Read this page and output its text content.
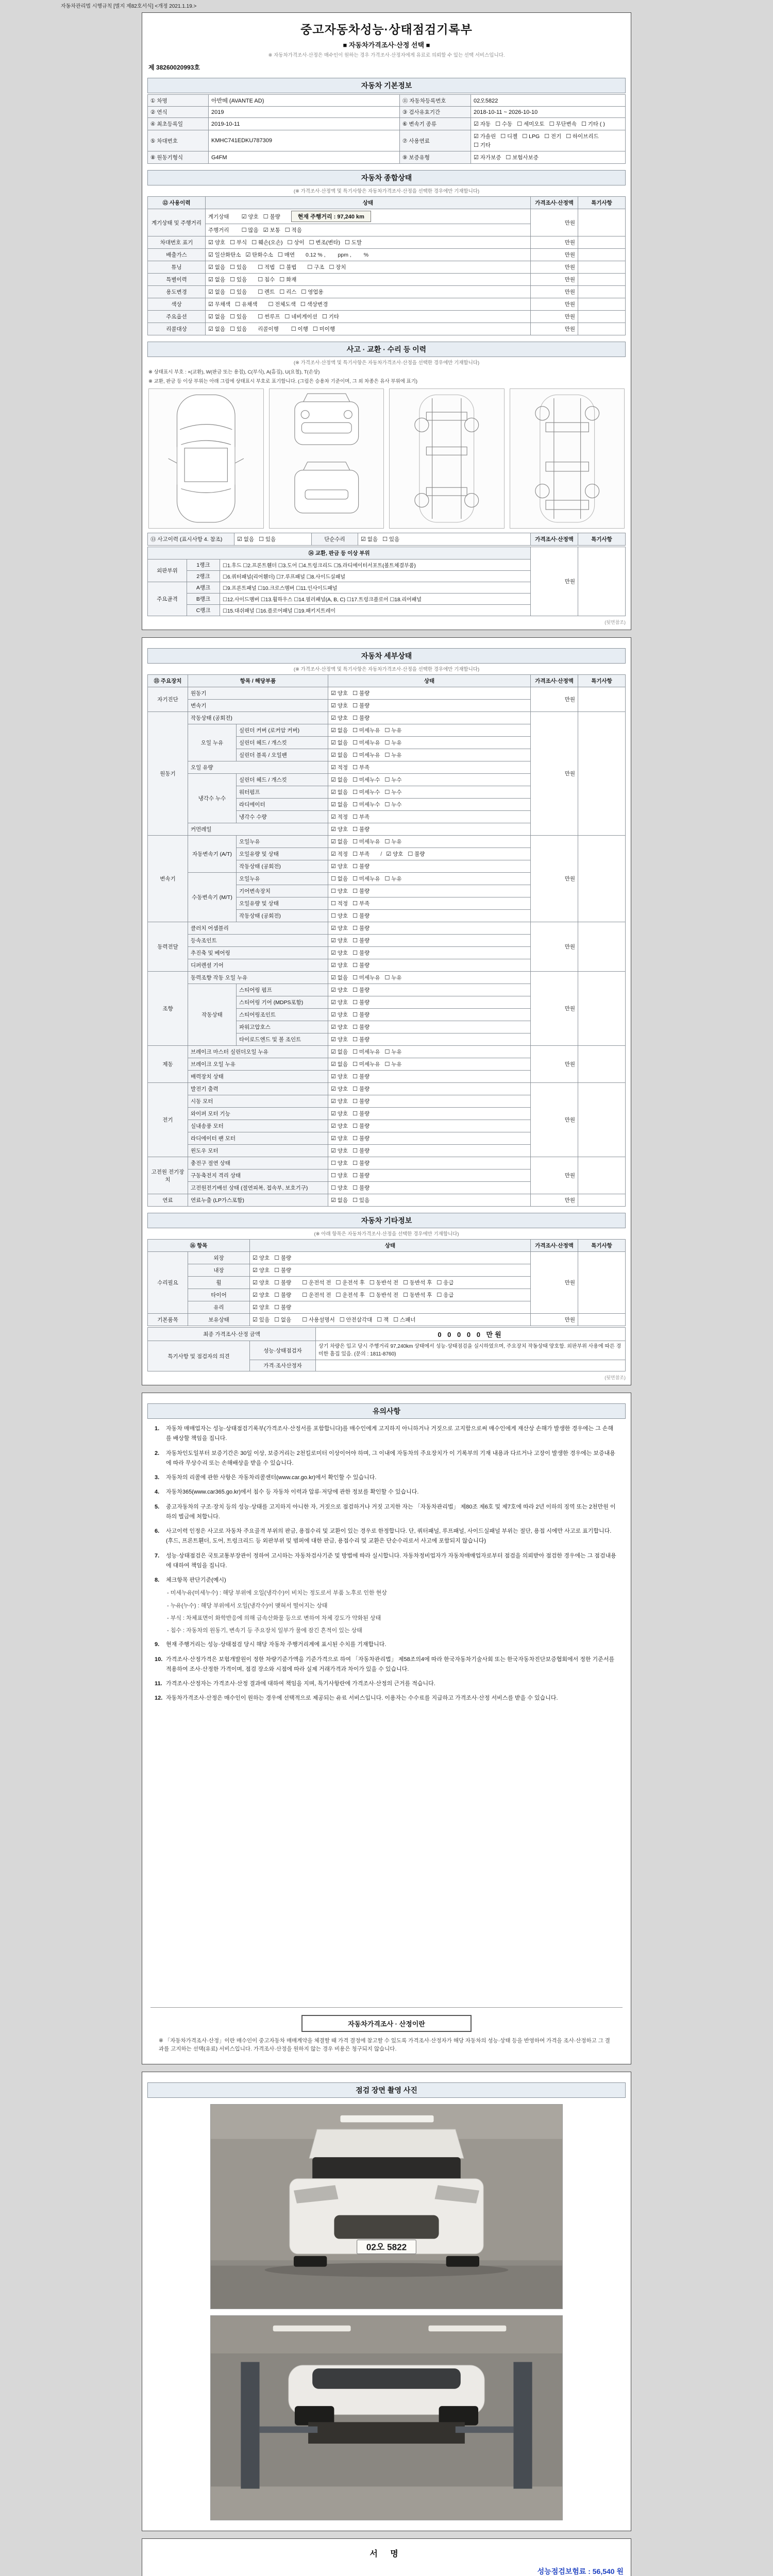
자동차관리법 시행규칙 [별지 제82호서식] <개정 2021.1.19.>
중고자동차성능·상태점검기록부
■ 자동차가격조사·산정 선택 ■
※ 자동차가격조사·산정은 매수인이 원하는 경우 가격조사·산정자에게 유료로 의뢰할 수 있는 선택 서비스입니다.
제 38260020993호
자동차 기본정보
① 차명	아반떼 (AVANTE AD)	⑪ 자동차등록번호	02오5822
② 연식	2019	③ 검사유효기간	2018-10-11 ~ 2026-10-10
④ 최초등록일	2019-10-11	⑥ 변속기 종류	☑ 자동 ☐ 수동 ☐ 세미오토 ☐ 무단변속 ☐ 기타 ( )
⑤ 차대번호	KMHC741EDKU787309	⑦ 사용연료	☑ 가솔린 ☐ 디젤 ☐ LPG ☐ 전기 ☐ 하이브리드☐ 기타
⑧ 원동기형식	G4FM	⑨ 보증유형	☑ 자가보증 ☐ 보험사보증
자동차 종합상태
(※ 가격조사·산정액 및 특기사항은 자동차가격조사·산정을 선택한 경우에만 기재합니다)
⑫ 사용이력	상태	가격조사·산정액	특기사항
계기상태 및 주행거리	계기상태 ☑ 양호 ☐ 불량 현재 주행거리 : 97,240 km	만원	
	주행거리 ☐ 많음 ☑ 보통 ☐ 적음		
차대번호 표기	☑ 양호 ☐ 부식 ☐ 훼손(오손) ☐ 상이 ☐ 변조(변타) ☐ 도말	만원	
배출가스	☑ 일산화탄소 ☑ 탄화수소 ☐ 매연 0.12 % , ppm , %	만원	
튜닝	☑ 없음 ☐ 있음 ☐ 적법 ☐ 불법 ☐ 구조 ☐ 장치	만원	
특별이력	☑ 없음 ☐ 있음 ☐ 침수 ☐ 화재	만원	
용도변경	☑ 없음 ☐ 있음 ☐ 렌트 ☐ 리스 ☐ 영업용	만원	
색상	☑ 무채색 ☐ 유채색 ☐ 전체도색 ☐ 색상변경	만원	
주요옵션	☑ 없음 ☐ 있음 ☐ 썬루프 ☐ 네비게이션 ☐ 기타	만원	
리콜대상	☑ 없음 ☐ 있음 리콜이행 ☐ 이행 ☐ 미이행	만원	
사고 · 교환 · 수리 등 이력
(※ 가격조사·산정액 및 특기사항은 자동차가격조사·산정을 선택한 경우에만 기재합니다)
※ 상태표시 부호 : ×(교환), W(판금 또는 용접), C(부식), A(흠집), U(요철), T(손상)
※ 교환, 판금 등 이상 부위는 아래 그림에 상태표시 부호로 표기합니다. (그림은 승용차 기준이며, 그 외 차종은 유사 부위에 표기)
⑬ 사고이력 (표시사항 4. 참조)	☑ 없음 ☐ 있음	단순수리	☑ 없음 ☐ 있음	가격조사·산정액	특기사항
⑭ 교환, 판금 등 이상 부위			만원	
외판부위	1랭크	☐1.후드 ☐2.프론트휀더 ☐3.도어 ☐4.트렁크리드 ☐5.라디에이터서포트(볼트체결부품)		
	2랭크	☐6.쿼터패널(리어휀더) ☐7.루프패널 ☐8.사이드실패널		
주요골격	A랭크	☐9.프론트패널 ☐10.크로스멤버 ☐11.인사이드패널		
	B랭크	☐12.사이드멤버 ☐13.휠하우스 ☐14.필러패널(A, B, C) ☐17.트렁크플로어 ☐18.리어패널		
	C랭크	☐15.대쉬패널 ☐16.플로어패널 ☐19.패키지트레이		
(뒷면참조)
자동차 세부상태
(※ 가격조사·산정액 및 특기사항은 자동차가격조사·산정을 선택한 경우에만 기재합니다)
⑮ 주요장치	항목 / 해당부품		상태	가격조사·산정액	특기사항
자기진단	원동기		☑ 양호 ☐ 불량	만원	
	변속기		☑ 양호 ☐ 불량		
원동기	작동상태 (공회전)		☑ 양호 ☐ 불량	만원	
	오일 누유	실린더 커버 (로커암 커버)	☑ 없음 ☐ 미세누유 ☐ 누유		
		실린더 헤드 / 개스킷	☑ 없음 ☐ 미세누유 ☐ 누유		
		실린더 블록 / 오일팬	☑ 없음 ☐ 미세누유 ☐ 누유		
	오일 유량		☑ 적정 ☐ 부족		
	냉각수 누수	실린더 헤드 / 개스킷	☑ 없음 ☐ 미세누수 ☐ 누수		
		워터펌프	☑ 없음 ☐ 미세누수 ☐ 누수		
		라디에이터	☑ 없음 ☐ 미세누수 ☐ 누수		
		냉각수 수량	☑ 적정 ☐ 부족		
	커먼레일		☑ 양호 ☐ 불량		
변속기	자동변속기 (A/T)	오일누유	☑ 없음 ☐ 미세누유 ☐ 누유	만원	
		오일유량 및 상태	☑ 적정 ☐ 부족 / ☑ 양호 ☐ 불량		
		작동상태 (공회전)	☑ 양호 ☐ 불량		
	수동변속기 (M/T)	오일누유	☐ 없음 ☐ 미세누유 ☐ 누유		
		기어변속장치	☐ 양호 ☐ 불량		
		오일유량 및 상태	☐ 적정 ☐ 부족		
		작동상태 (공회전)	☐ 양호 ☐ 불량		
동력전달	클러치 어셈블리		☑ 양호 ☐ 불량	만원	
	등속조인트		☑ 양호 ☐ 불량		
	추진축 및 베어링		☑ 양호 ☐ 불량		
	디퍼렌셜 기어		☑ 양호 ☐ 불량		
조향	동력조향 작동 오일 누유		☑ 없음 ☐ 미세누유 ☐ 누유	만원	
	작동상태	스티어링 펌프	☑ 양호 ☐ 불량		
		스티어링 기어 (MDPS포함)	☑ 양호 ☐ 불량		
		스티어링조인트	☑ 양호 ☐ 불량		
		파워고압호스	☑ 양호 ☐ 불량		
		타이로드엔드 및 볼 조인트	☑ 양호 ☐ 불량		
제동	브레이크 마스터 실린더오일 누유		☑ 없음 ☐ 미세누유 ☐ 누유	만원	
	브레이크 오일 누유		☑ 없음 ☐ 미세누유 ☐ 누유		
	배력장치 상태		☑ 양호 ☐ 불량		
전기	발전기 출력		☑ 양호 ☐ 불량	만원	
	시동 모터		☑ 양호 ☐ 불량		
	와이퍼 모터 기능		☑ 양호 ☐ 불량		
	실내송풍 모터		☑ 양호 ☐ 불량		
	라디에이터 팬 모터		☑ 양호 ☐ 불량		
	윈도우 모터		☑ 양호 ☐ 불량		
고전원 전기장치	충전구 절연 상태		☐ 양호 ☐ 불량	만원	
	구동축전지 격리 상태		☐ 양호 ☐ 불량		
	고전원전기배선 상태 (절연피복, 접속부, 보호기구)		☐ 양호 ☐ 불량		
연료	연료누출 (LP가스포함)		☑ 없음 ☐ 있음	만원	
자동차 기타정보
(※ 아래 항목은 자동차가격조사·산정을 선택한 경우에만 기재합니다)
⑯ 항목		상태	가격조사·산정액	특기사항
수리필요	외장	☑ 양호 ☐ 불량	만원	
	내장	☑ 양호 ☐ 불량		
	휠	☑ 양호 ☐ 불량 ☐ 운전석 전 ☐ 운전석 후 ☐ 동반석 전 ☐ 동반석 후 ☐ 응급		
	타이어	☑ 양호 ☐ 불량 ☐ 운전석 전 ☐ 운전석 후 ☐ 동반석 전 ☐ 동반석 후 ☐ 응급		
	유리	☑ 양호 ☐ 불량		
기본품목	보유상태	☑ 있음 ☐ 없음 ☐ 사용설명서 ☐ 안전삼각대 ☐ 잭 ☐ 스패너	만원	
최종 가격조사·산정 금액		0 0 0 0 0 만원
특기사항 및 점검자의 의견	성능·상태점검자	상기 차량은 입고 당시 주행거리 97,240km 상태에서 성능·상태점검을 실시하였으며, 주요장치 작동상태 양호함. 외판부위 사용에 따른 경미한 흠집 있음. (문의 : 1811-8760)
	가격·조사산정자	
(뒷면참조)
유의사항
1.	자동차 매매업자는 성능·상태점검기록부(가격조사·산정서를 포함합니다)를 매수인에게 고지하지 아니하거나 거짓으로 고지함으로써 매수인에게 재산상 손해가 발생한 경우에는 그 손해를 배상할 책임을 집니다.
2.	자동차인도일부터 보증기간은 30일 이상, 보증거리는 2천킬로미터 이상이어야 하며, 그 이내에 자동차의 주요장치가 이 기록부의 기재 내용과 다르거나 고장이 발생한 경우에는 보증내용에 따라 무상수리 또는 손해배상을 받을 수 있습니다.
3.	자동차의 리콜에 관한 사항은 자동차리콜센터(www.car.go.kr)에서 확인할 수 있습니다.
4.	자동차365(www.car365.go.kr)에서 침수 등 자동차 이력과 압류·저당에 관한 정보를 확인할 수 있습니다.
5.	중고자동차의 구조·장치 등의 성능·상태를 고지하지 아니한 자, 거짓으로 점검하거나 거짓 고지한 자는 「자동차관리법」 제80조 제6호 및 제7호에 따라 2년 이하의 징역 또는 2천만원 이하의 벌금에 처합니다.
6.	사고이력 인정은 사고로 자동차 주요골격 부위의 판금, 용접수리 및 교환이 있는 경우로 한정합니다. 단, 쿼터패널, 루프패널, 사이드실패널 부위는 절단, 용접 시에만 사고로 표기합니다. (후드, 프론트휀더, 도어, 트렁크리드 등 외판부위 및 범퍼에 대한 판금, 용접수리 및 교환은 단순수리로서 사고에 포함되지 않습니다)
7.	성능·상태점검은 국토교통부장관이 정하여 고시하는 자동차검사기준 및 방법에 따라 실시합니다. 자동차정비업자가 자동차매매업자로부터 점검을 의뢰받아 점검한 경우에는 그 점검내용에 대하여 책임을 집니다.
8.	체크항목 판단기준(예시)
- 미세누유(미세누수) : 해당 부위에 오일(냉각수)이 비치는 정도로서 부품 노후로 인한 현상
- 누유(누수) : 해당 부위에서 오일(냉각수)이 맺혀서 떨어지는 상태
- 부식 : 차체표면이 화학반응에 의해 금속산화물 등으로 변하여 차체 강도가 약화된 상태
- 침수 : 자동차의 원동기, 변속기 등 주요장치 일부가 물에 잠긴 흔적이 있는 상태
9.	현재 주행거리는 성능·상태점검 당시 해당 자동차 주행거리계에 표시된 수치를 기재합니다.
10. 가격조사·산정가격은 보험개발원이 정한 차량기준가액을 기준가격으로 하여 「자동차관리법」 제58조의4에 따라 한국자동차기술사회 또는 한국자동차진단보증협회에서 정한 기준서를 적용하여 조사·산정한 가격이며, 점검 장소와 시점에 따라 실제 거래가격과 차이가 있을 수 있습니다.
11. 가격조사·산정자는 가격조사·산정 결과에 대하여 책임을 지며, 특기사항란에 가격조사·산정의 근거를 적습니다.
12. 자동차가격조사·산정은 매수인이 원하는 경우에 선택적으로 제공되는 유료 서비스입니다. 이용자는 수수료를 지급하고 가격조사·산정 서비스를 받을 수 있습니다.
자동차가격조사 · 산정이란
※ 「자동차가격조사·산정」이란 매수인이 중고자동차 매매계약을 체결할 때 가격 결정에 참고할 수 있도록 가격조사·산정자가 해당 자동차의 성능·상태 등을 반영하여 가격을 조사·산정하고 그 결과를 고지하는 선택(유료) 서비스입니다. 가격조사·산정을 원하지 않는 경우 비용은 청구되지 않습니다.
점검 장면 촬영 사진
02오 5822
서 명
성능점검보험료 : 56,540 원
